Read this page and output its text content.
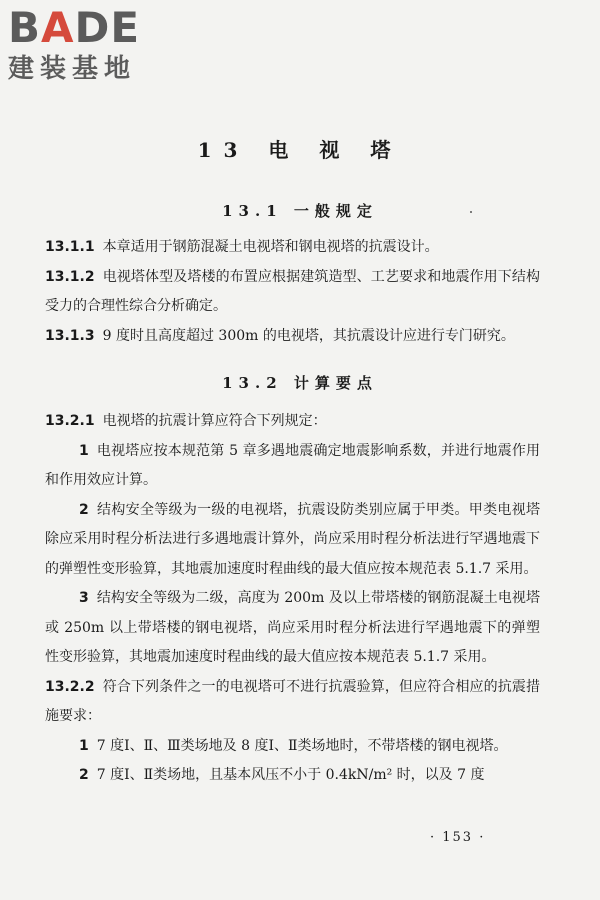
BADE
建装基地
13 电 视 塔
13.1 一般规定

13.1.1 本章适用于钢筋混凝土电视塔和钢电视塔的抗震设计。

13.1.2 电视塔体型及塔楼的布置应根据建筑造型、工艺要求和地震作用下结构受力的合理性综合分析确定。

13.1.3 9 度时且高度超过 300m 的电视塔，其抗震设计应进行专门研究。

13.2 计算要点

13.2.1 电视塔的抗震计算应符合下列规定：

1 电视塔应按本规范第 5 章多遇地震确定地震影响系数，并进行地震作用和作用效应计算。

2 结构安全等级为一级的电视塔，抗震设防类别应属于甲类。甲类电视塔除应采用时程分析法进行多遇地震计算外，尚应采用时程分析法进行罕遇地震下的弹塑性变形验算，其地震加速度时程曲线的最大值应按本规范表 5.1.7 采用。

3 结构安全等级为二级，高度为 200m 及以上带塔楼的钢筋混凝土电视塔或 250m 以上带塔楼的钢电视塔，尚应采用时程分析法进行罕遇地震下的弹塑性变形验算，其地震加速度时程曲线的最大值应按本规范表 5.1.7 采用。

13.2.2 符合下列条件之一的电视塔可不进行抗震验算，但应符合相应的抗震措施要求：

1 7 度Ⅰ、Ⅱ、Ⅲ类场地及 8 度Ⅰ、Ⅱ类场地时，不带塔楼的钢电视塔。

2 7 度Ⅰ、Ⅱ类场地，且基本风压不小于 0.4kN/m² 时，以及 7 度

· 153 ·
